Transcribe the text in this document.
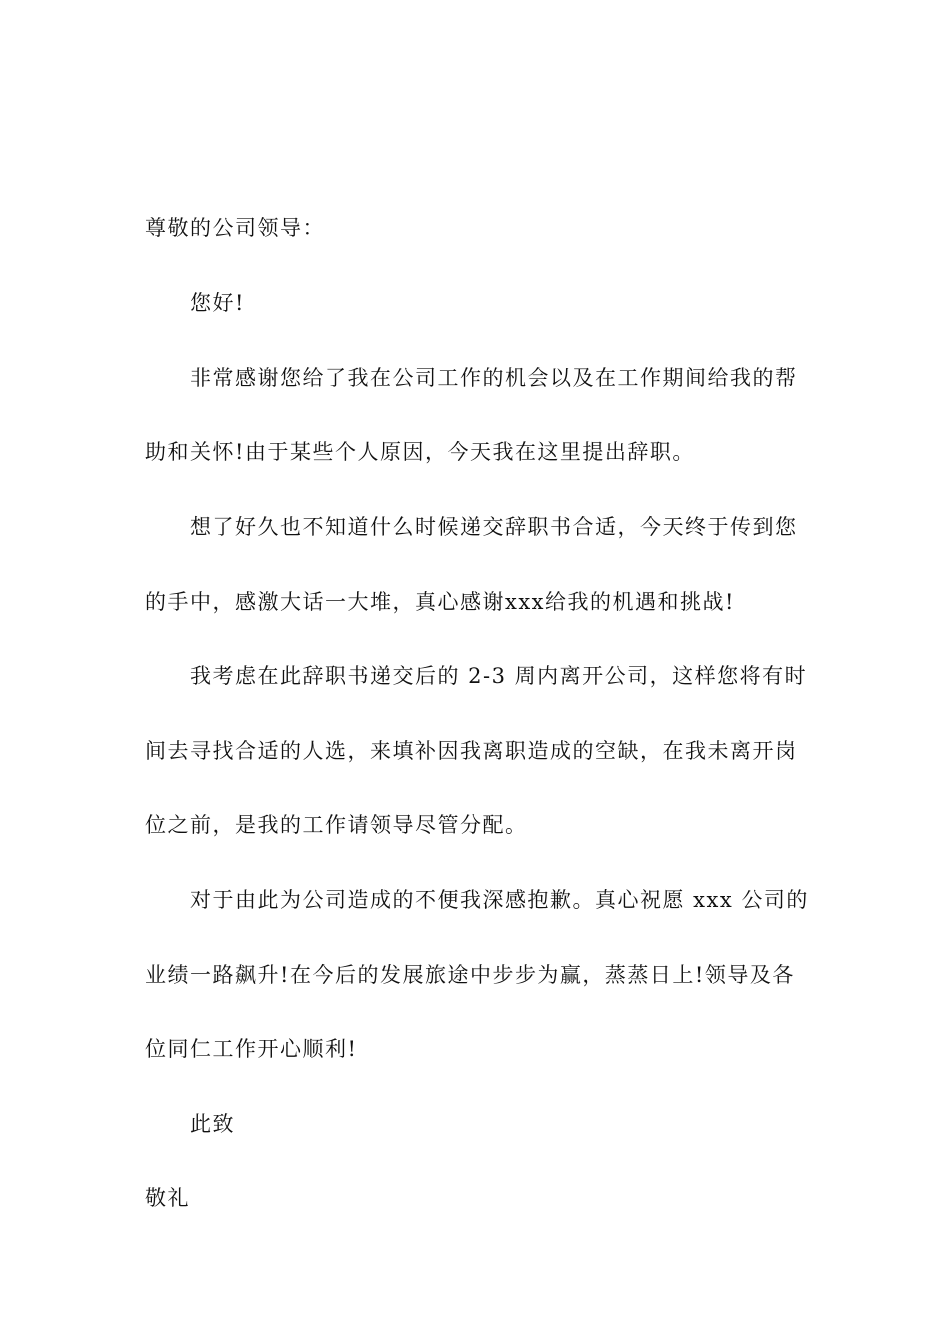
尊敬的公司领导：
您好!
非常感谢您给了我在公司工作的机会以及在工作期间给我的帮
助和关怀!由于某些个人原因，今天我在这里提出辞职。
想了好久也不知道什么时候递交辞职书合适，今天终于传到您
的手中，感激大话一大堆，真心感谢xxx给我的机遇和挑战!
我考虑在此辞职书递交后的 2-3 周内离开公司，这样您将有时
间去寻找合适的人选，来填补因我离职造成的空缺，在我未离开岗
位之前，是我的工作请领导尽管分配。
对于由此为公司造成的不便我深感抱歉。真心祝愿 xxx 公司的
业绩一路飙升!在今后的发展旅途中步步为赢，蒸蒸日上!领导及各
位同仁工作开心顺利!
此致
敬礼
